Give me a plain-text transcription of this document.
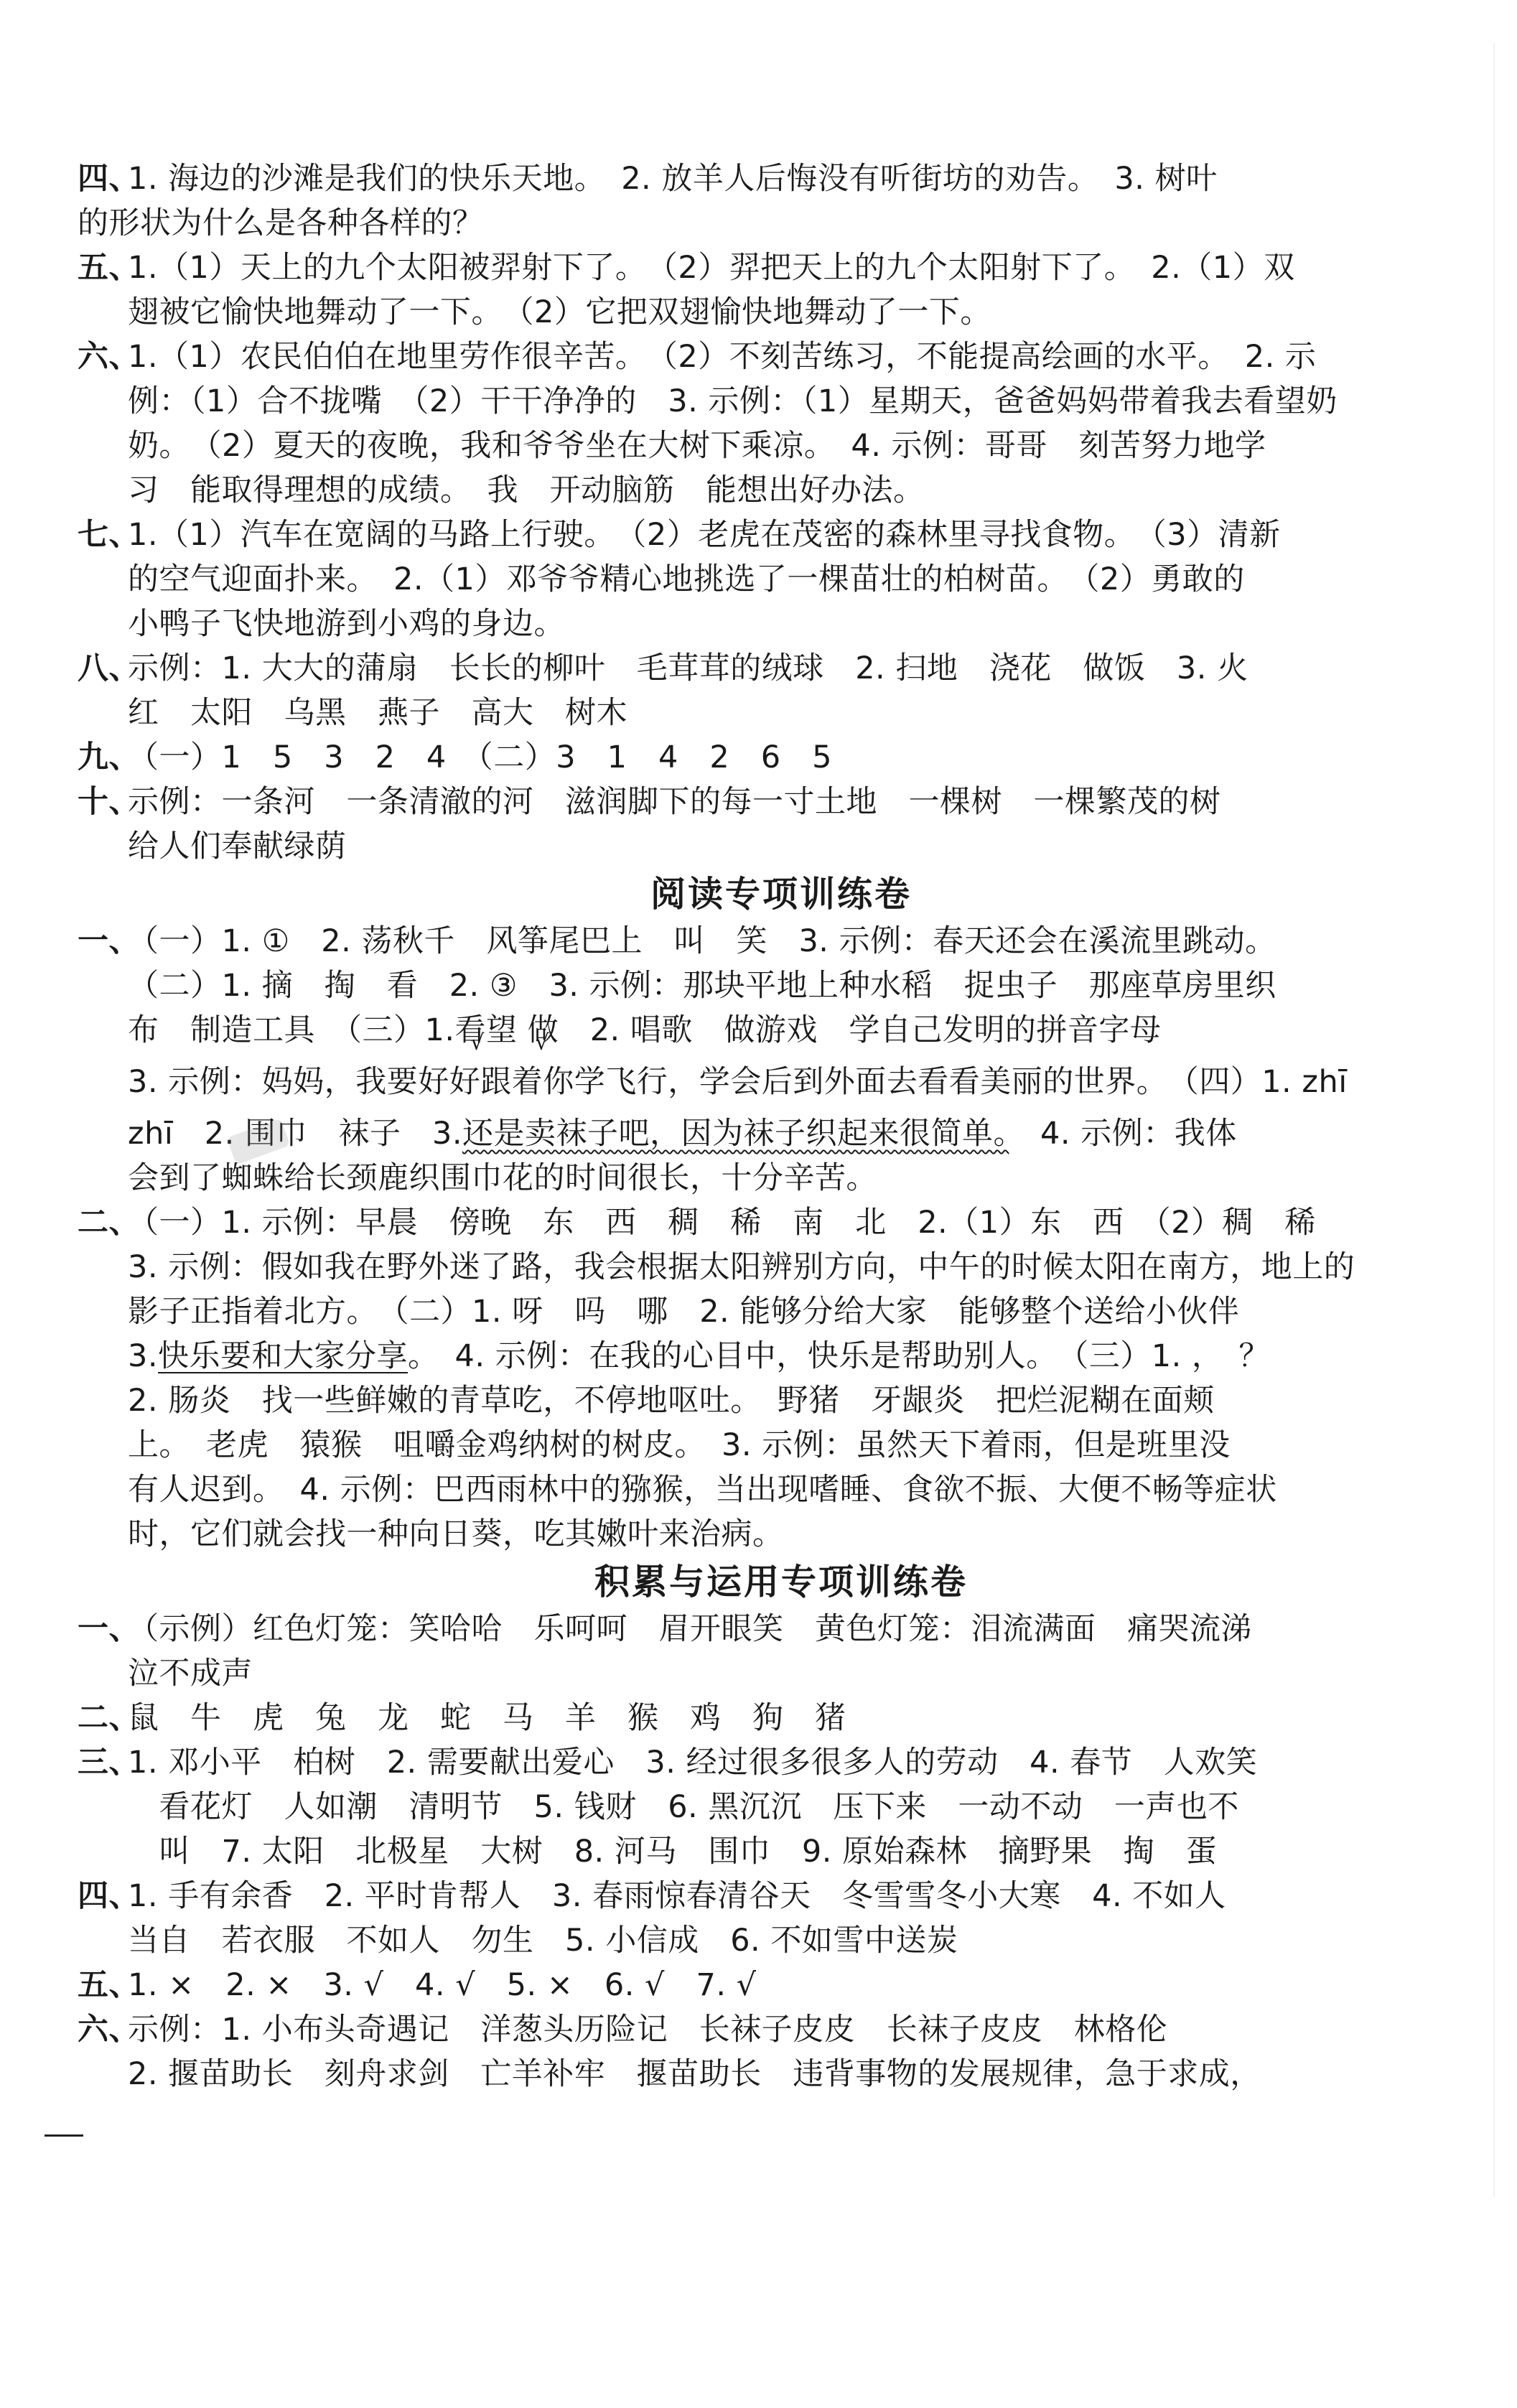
四、
1. 海边的沙滩是我们的快乐天地。　2. 放羊人后悔没有听街坊的劝告。　3. 树叶
的形状为什么是各种各样的？
五、
1.（1）天上的九个太阳被羿射下了。　（2）羿把天上的九个太阳射下了。　2.（1）双
翅被它愉快地舞动了一下。　（2）它把双翅愉快地舞动了一下。
六、
1.（1）农民伯伯在地里劳作很辛苦。　（2）不刻苦练习，不能提高绘画的水平。　2. 示
例：（1）合不拢嘴　（2）干干净净的　3. 示例：（1）星期天，爸爸妈妈带着我去看望奶
奶。　（2）夏天的夜晚，我和爷爷坐在大树下乘凉。　4. 示例：哥哥　刻苦努力地学
习　能取得理想的成绩。　我　开动脑筋　能想出好办法。
七、
1.（1）汽车在宽阔的马路上行驶。　（2）老虎在茂密的森林里寻找食物。　（3）清新
的空气迎面扑来。　2.（1）邓爷爷精心地挑选了一棵苗壮的柏树苗。　（2）勇敢的
小鸭子飞快地游到小鸡的身边。
八、
示例：1. 大大的蒲扇　长长的柳叶　毛茸茸的绒球　2. 扫地　浇花　做饭　3. 火
红　太阳　乌黑　燕子　高大　树木
九、
（一）1　5　3　2　4　（二）3　1　4　2　6　5
十、
示例：一条河　一条清澈的河　滋润脚下的每一寸土地　一棵树　一棵繁茂的树
给人们奉献绿荫
阅读专项训练卷
一、
（一）1. ①　2. 荡秋千　风筝尾巴上　叫　笑　3. 示例：春天还会在溪流里跳动。
（二）1. 摘　掏　看　2. ③　3. 示例：那块平地上种水稻　捉虫子　那座草房里织
布　制造工具　（三）1.看望 √ 做 √　2. 唱歌　做游戏　学自己发明的拼音字母
3. 示例：妈妈，我要好好跟着你学飞行，学会后到外面去看看美丽的世界。　（四）1. zhī
zhī　2. 围巾　袜子　3.还是卖袜子吧，因为袜子织起来很简单。　4. 示例：我体
会到了蜘蛛给长颈鹿织围巾花的时间很长，十分辛苦。
二、
（一）1. 示例：早晨　傍晚　东　西　稠　稀　南　北　2.（1）东　西　（2）稠　稀
3. 示例：假如我在野外迷了路，我会根据太阳辨别方向，中午的时候太阳在南方，地上的
影子正指着北方。　（二）1. 呀　吗　哪　2. 能够分给大家　能够整个送给小伙伴
3.快乐要和大家分享。　4. 示例：在我的心目中，快乐是帮助别人。　（三）1. ，　？
2. 肠炎　找一些鲜嫩的青草吃，不停地呕吐。　野猪　牙龈炎　把烂泥糊在面颊
上。　老虎　猿猴　咀嚼金鸡纳树的树皮。　3. 示例：虽然天下着雨，但是班里没
有人迟到。　4. 示例：巴西雨林中的猕猴，当出现嗜睡、食欲不振、大便不畅等症状
时，它们就会找一种向日葵，吃其嫩叶来治病。
积累与运用专项训练卷
一、
（示例）红色灯笼：笑哈哈　乐呵呵　眉开眼笑　黄色灯笼：泪流满面　痛哭流涕
泣不成声
二、
鼠　牛　虎　兔　龙　蛇　马　羊　猴　鸡　狗　猪
三、
1. 邓小平　柏树　2. 需要献出爱心　3. 经过很多很多人的劳动　4. 春节　人欢笑
　看花灯　人如潮　清明节　5. 钱财　6. 黑沉沉　压下来　一动不动　一声也不
　叫　7. 太阳　北极星　大树　8. 河马　围巾　9. 原始森林　摘野果　掏　蛋
四、
1. 手有余香　2. 平时肯帮人　3. 春雨惊春清谷天　冬雪雪冬小大寒　4. 不如人
当自　若衣服　不如人　勿生　5. 小信成　6. 不如雪中送炭
五、
1. ×　2. ×　3. √　4. √　5. ×　6. √　7. √
六、
示例：1. 小布头奇遇记　洋葱头历险记　长袜子皮皮　长袜子皮皮　林格伦
2. 揠苗助长　刻舟求剑　亡羊补牢　揠苗助长　违背事物的发展规律，急于求成，
